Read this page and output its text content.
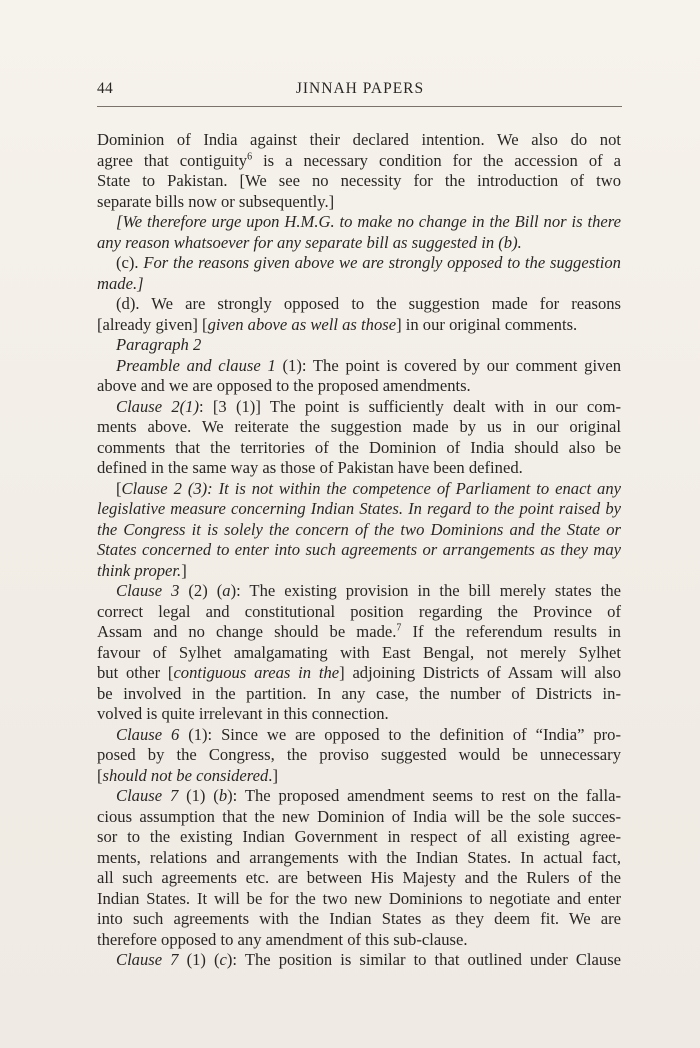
44	JINNAH PAPERS
Dominion of India against their declared intention. We also do not
agree that contiguity$^6$ is a necessary condition for the accession of a
State to Pakistan. [We see no necessity for the introduction of two
separate bills now or subsequently.]
[We therefore urge upon H.M.G. to make no change in the Bill nor is there
any reason whatsoever for any separate bill as suggested in (b).
(c). For the reasons given above we are strongly opposed to the suggestion
made.]
(d). We are strongly opposed to the suggestion made for reasons
[already given] [given above as well as those] in our original comments.
Paragraph 2
Preamble and clause 1 (1): The point is covered by our comment given
above and we are opposed to the proposed amendments.
Clause 2(1): [3 (1)] The point is sufficiently dealt with in our com-
ments above. We reiterate the suggestion made by us in our original
comments that the territories of the Dominion of India should also be
defined in the same way as those of Pakistan have been defined.
[Clause 2 (3): It is not within the competence of Parliament to enact any
legislative measure concerning Indian States. In regard to the point raised by
the Congress it is solely the concern of the two Dominions and the State or
States concerned to enter into such agreements or arrangements as they may
think proper.]
Clause 3 (2) (a): The existing provision in the bill merely states the
correct legal and constitutional position regarding the Province of
Assam and no change should be made.$^7$ If the referendum results in
favour of Sylhet amalgamating with East Bengal, not merely Sylhet
but other [contiguous areas in the] adjoining Districts of Assam will also
be involved in the partition. In any case, the number of Districts in-
volved is quite irrelevant in this connection.
Clause 6 (1): Since we are opposed to the definition of “India” pro-
posed by the Congress, the proviso suggested would be unnecessary
[should not be considered.]
Clause 7 (1) (b): The proposed amendment seems to rest on the falla-
cious assumption that the new Dominion of India will be the sole succes-
sor to the existing Indian Government in respect of all existing agree-
ments, relations and arrangements with the Indian States. In actual fact,
all such agreements etc. are between His Majesty and the Rulers of the
Indian States. It will be for the two new Dominions to negotiate and enter
into such agreements with the Indian States as they deem fit. We are
therefore opposed to any amendment of this sub-clause.
Clause 7 (1) (c): The position is similar to that outlined under Clause
